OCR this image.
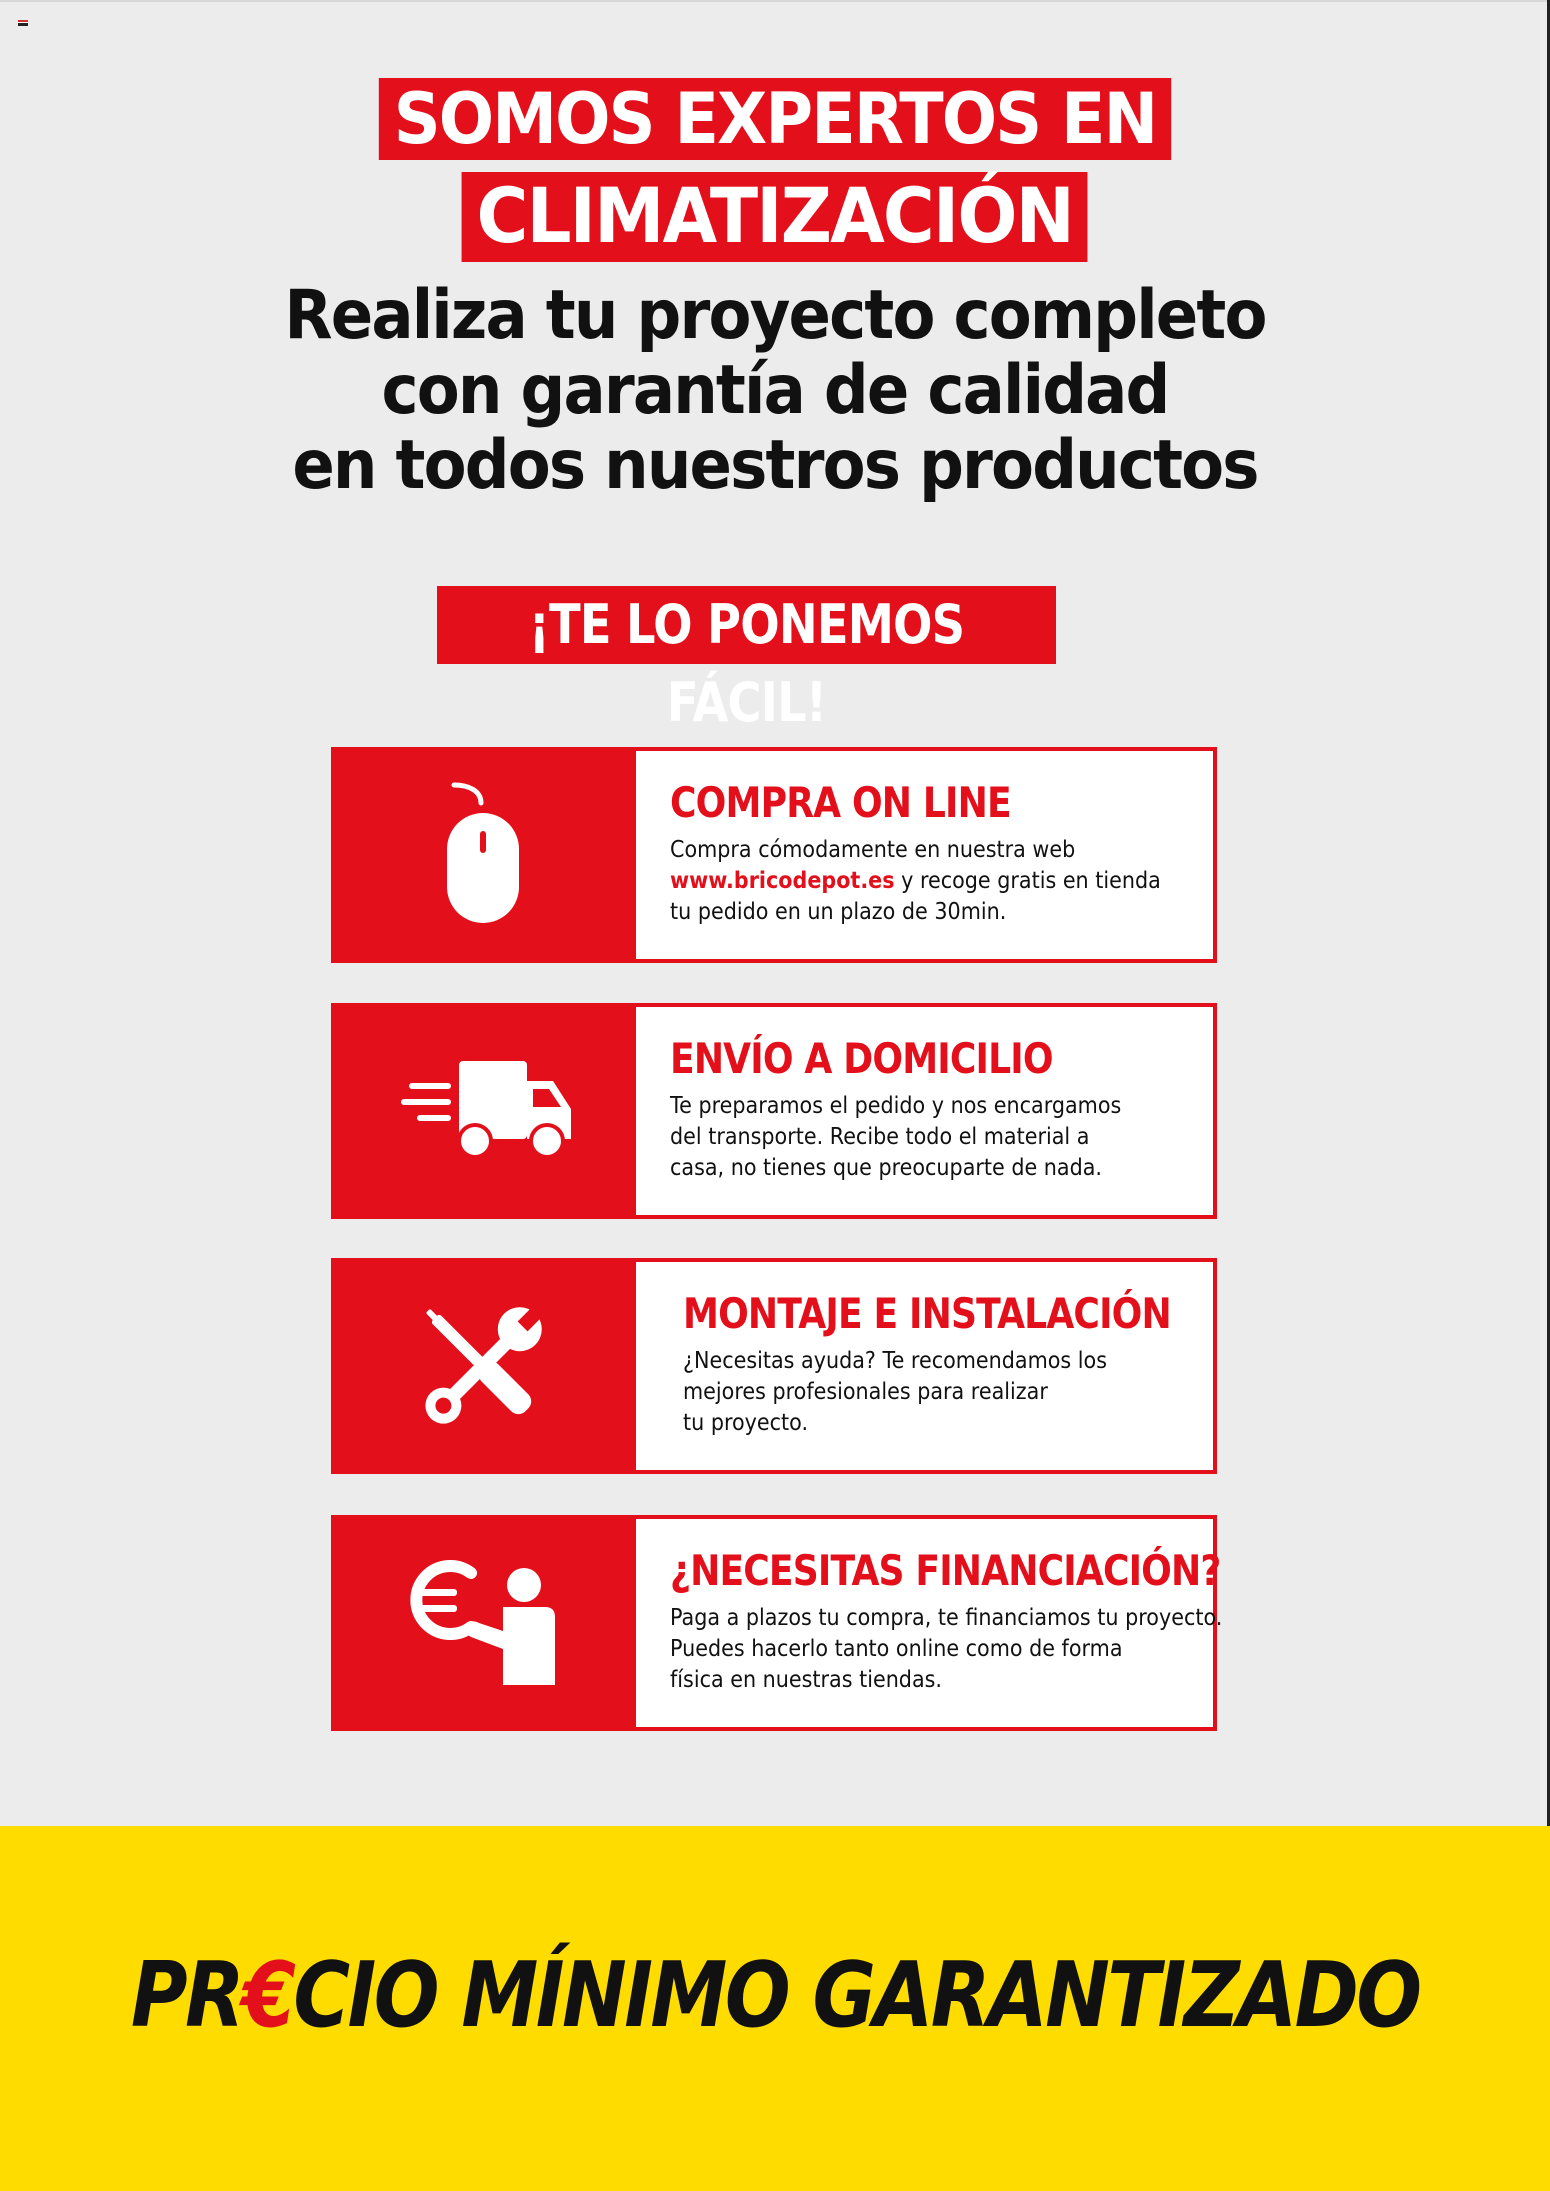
SOMOS EXPERTOS EN
CLIMATIZACIÓN
Realiza tu proyecto completo
con garantía de calidad
en todos nuestros productos
¡TE LO PONEMOS FÁCIL!
COMPRA ON LINE
Compra cómodamente en nuestra web
www.bricodepot.es y recoge gratis en tienda
tu pedido en un plazo de 30min.
ENVÍO A DOMICILIO
Te preparamos el pedido y nos encargamos
del transporte. Recibe todo el material a
casa, no tienes que preocuparte de nada.
MONTAJE E INSTALACIÓN
¿Necesitas ayuda? Te recomendamos los
mejores profesionales para realizar
tu proyecto.
¿NECESITAS FINANCIACIÓN?
Paga a plazos tu compra, te financiamos tu proyecto.
Puedes hacerlo tanto online como de forma
física en nuestras tiendas.
PR€CIO MÍNIMO GARANTIZADO
